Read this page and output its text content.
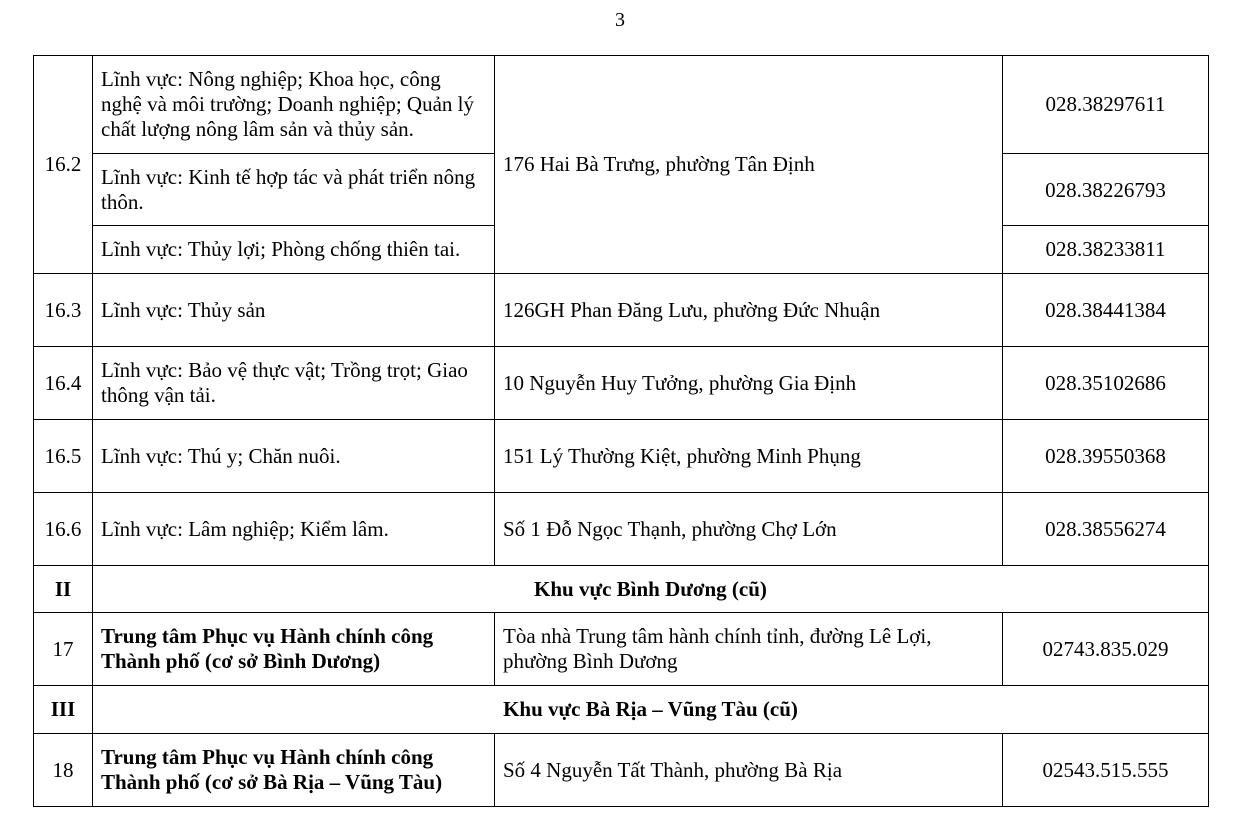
3
16.2	Lĩnh vực: Nông nghiệp; Khoa học, công nghệ và môi trường; Doanh nghiệp; Quản lý chất lượng nông lâm sản và thủy sản.	176 Hai Bà Trưng, phường Tân Định	028.38297611
	Lĩnh vực: Kinh tế hợp tác và phát triển nông thôn.		028.38226793
	Lĩnh vực: Thủy lợi; Phòng chống thiên tai.		028.38233811
16.3	Lĩnh vực: Thủy sản	126GH Phan Đăng Lưu, phường Đức Nhuận	028.38441384
16.4	Lĩnh vực: Bảo vệ thực vật; Trồng trọt; Giao thông vận tải.	10 Nguyễn Huy Tưởng, phường Gia Định	028.35102686
16.5	Lĩnh vực: Thú y; Chăn nuôi.	151 Lý Thường Kiệt, phường Minh Phụng	028.39550368
16.6	Lĩnh vực: Lâm nghiệp; Kiểm lâm.	Số 1 Đỗ Ngọc Thạnh, phường Chợ Lớn	028.38556274
II	Khu vực Bình Dương (cũ)		
17	Trung tâm Phục vụ Hành chính công Thành phố (cơ sở Bình Dương)	Tòa nhà Trung tâm hành chính tỉnh, đường Lê Lợi, phường Bình Dương	02743.835.029
III	Khu vực Bà Rịa – Vũng Tàu (cũ)		
18	Trung tâm Phục vụ Hành chính công Thành phố (cơ sở Bà Rịa – Vũng Tàu)	Số 4 Nguyễn Tất Thành, phường Bà Rịa	02543.515.555
